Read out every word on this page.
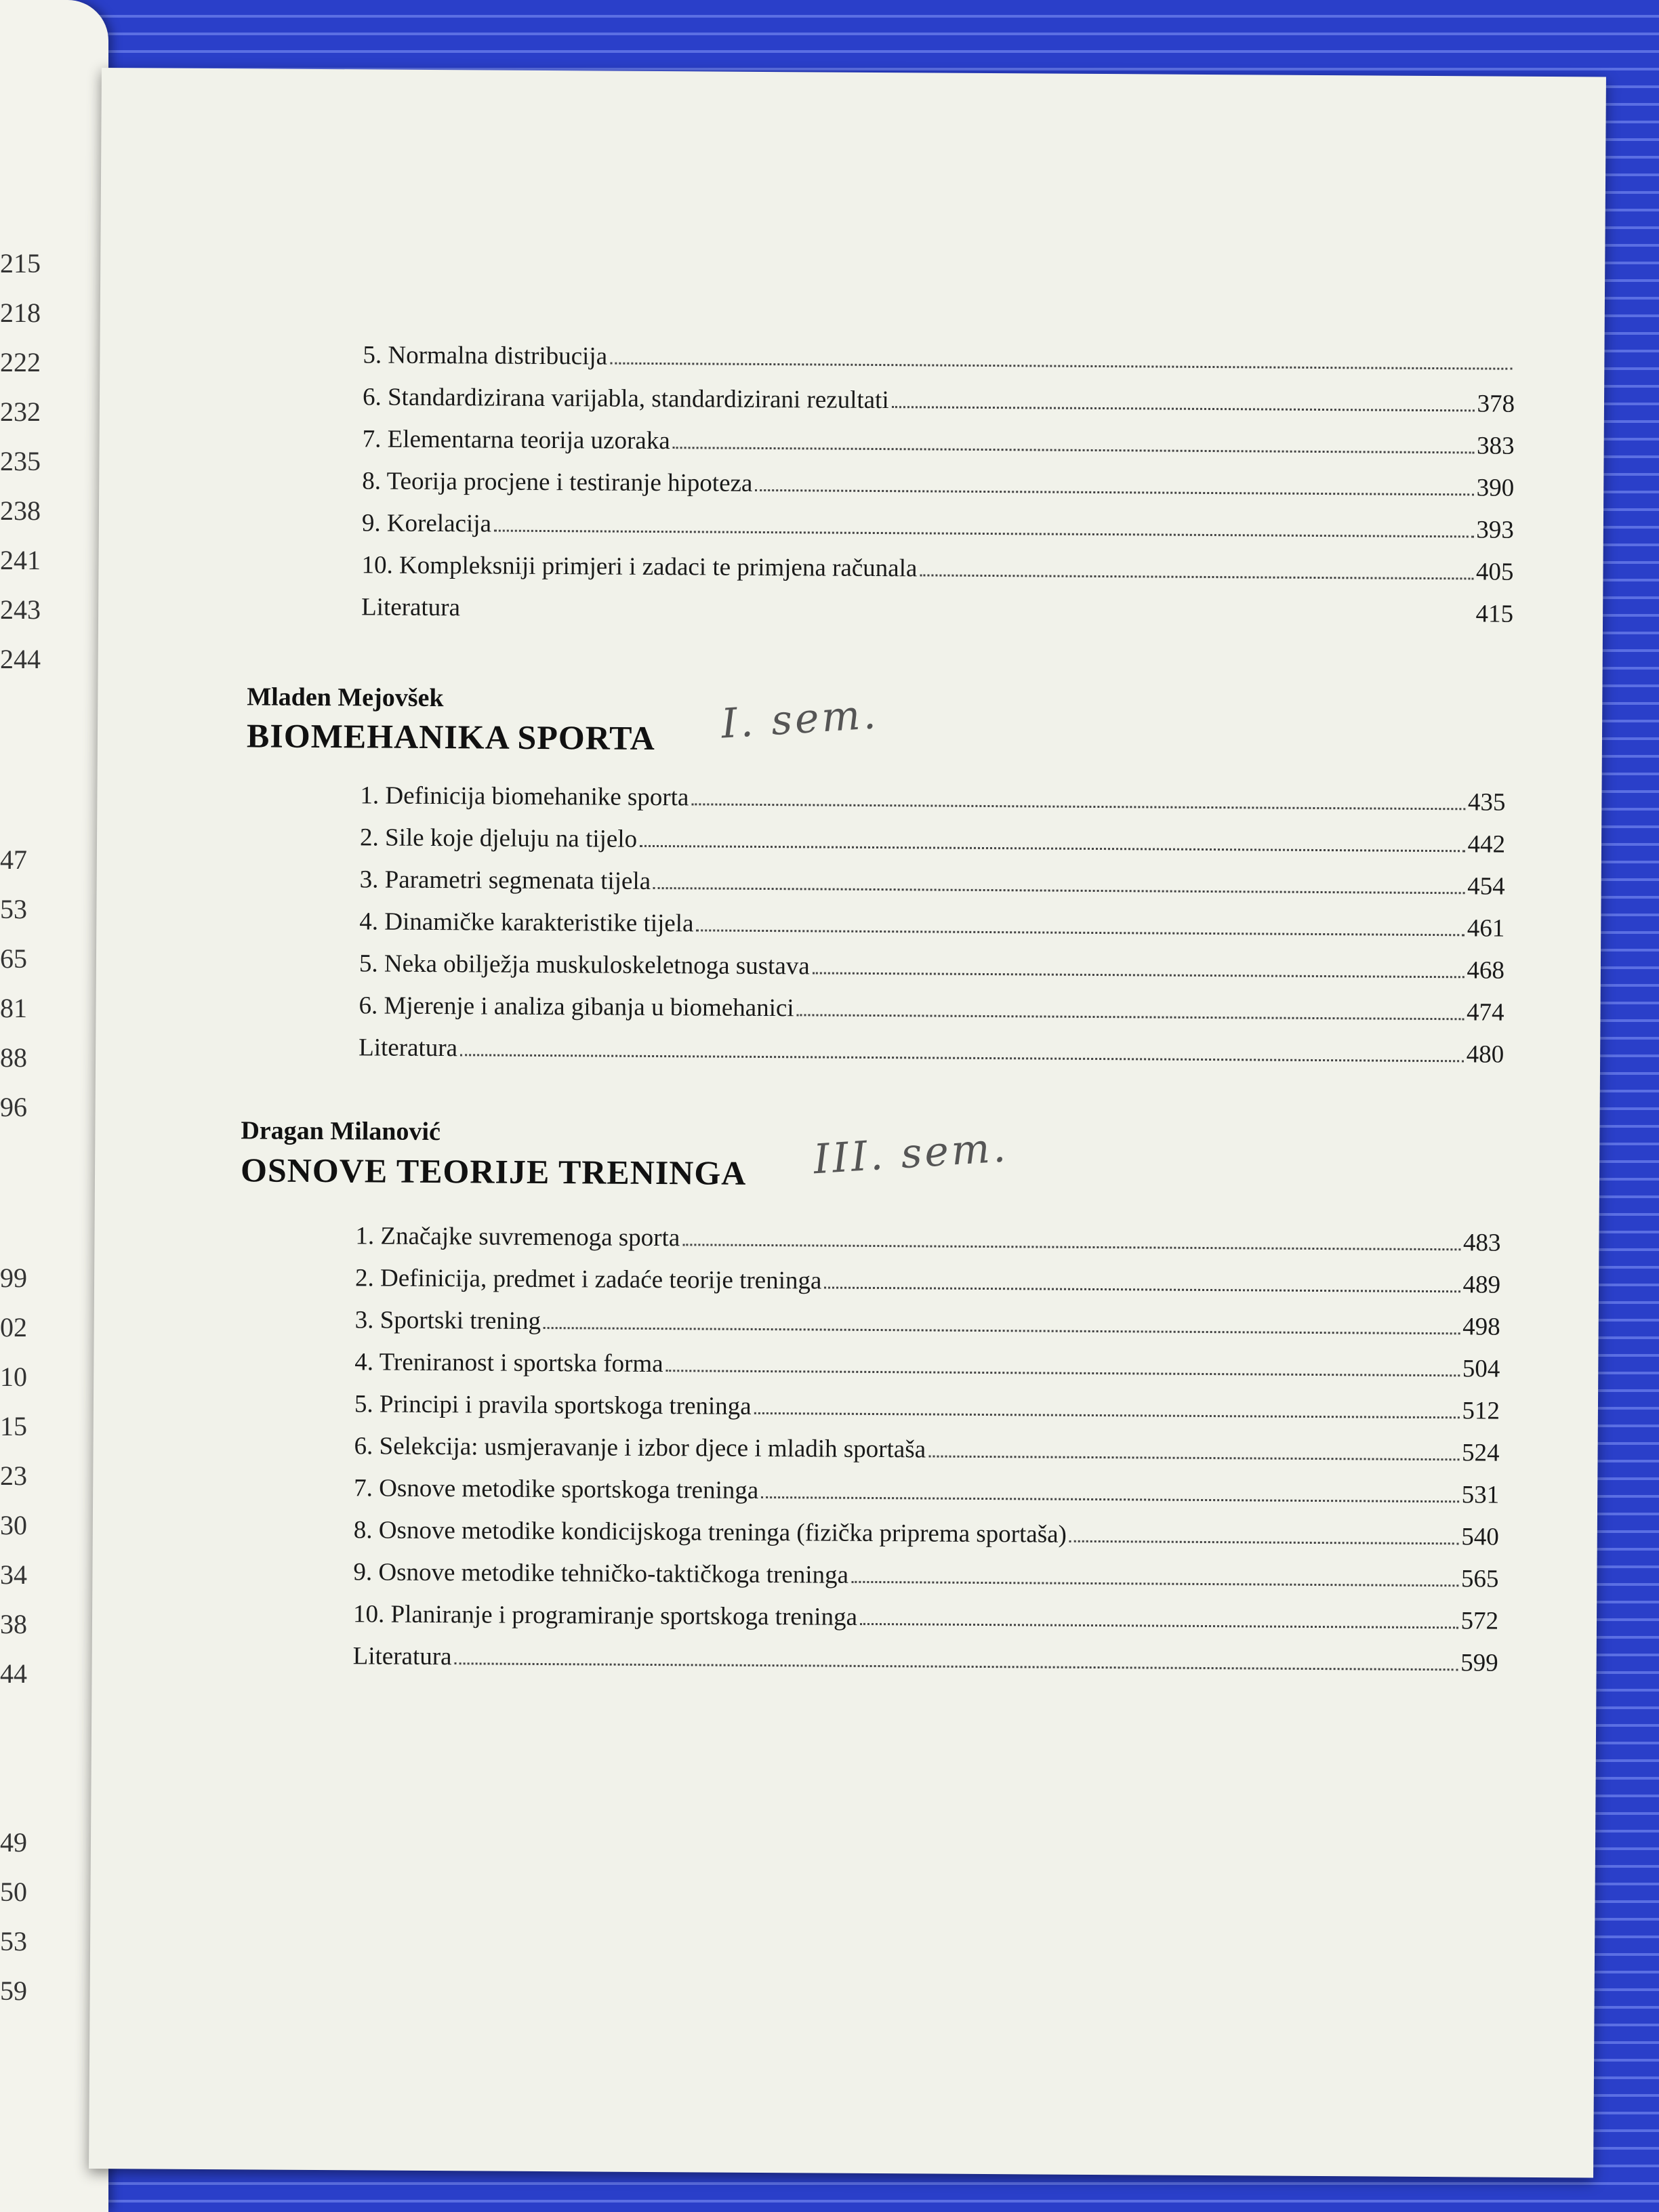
215
218
222
232
235
238
241
243
244
47
53
65
81
88
96
99
02
10
15
23
30
34
38
44
49
50
53
59
5. Normalna distribucija
6. Standardizirana varijabla, standardizirani rezultati	378
7. Elementarna teorija uzoraka	383
8. Teorija procjene i testiranje hipoteza	390
9. Korelacija	393
10. Kompleksniji primjeri i zadaci te primjena računala	405
Literatura	415
Mladen Mejovšek
BIOMEHANIKA SPORTA I. sem.
1. Definicija biomehanike sporta	435
2. Sile koje djeluju na tijelo	442
3. Parametri segmenata tijela	454
4. Dinamičke karakteristike tijela	461
5. Neka obilježja muskuloskeletnoga sustava	468
6. Mjerenje i analiza gibanja u biomehanici	474
Literatura	480
Dragan Milanović
OSNOVE TEORIJE TRENINGA III. sem.
1. Značajke suvremenoga sporta	483
2. Definicija, predmet i zadaće teorije treninga	489
3. Sportski trening	498
4. Treniranost i sportska forma	504
5. Principi i pravila sportskoga treninga	512
6. Selekcija: usmjeravanje i izbor djece i mladih sportaša	524
7. Osnove metodike sportskoga treninga	531
8. Osnove metodike kondicijskoga treninga (fizička priprema sportaša)	540
9. Osnove metodike tehničko-taktičkoga treninga	565
10. Planiranje i programiranje sportskoga treninga	572
Literatura	599
